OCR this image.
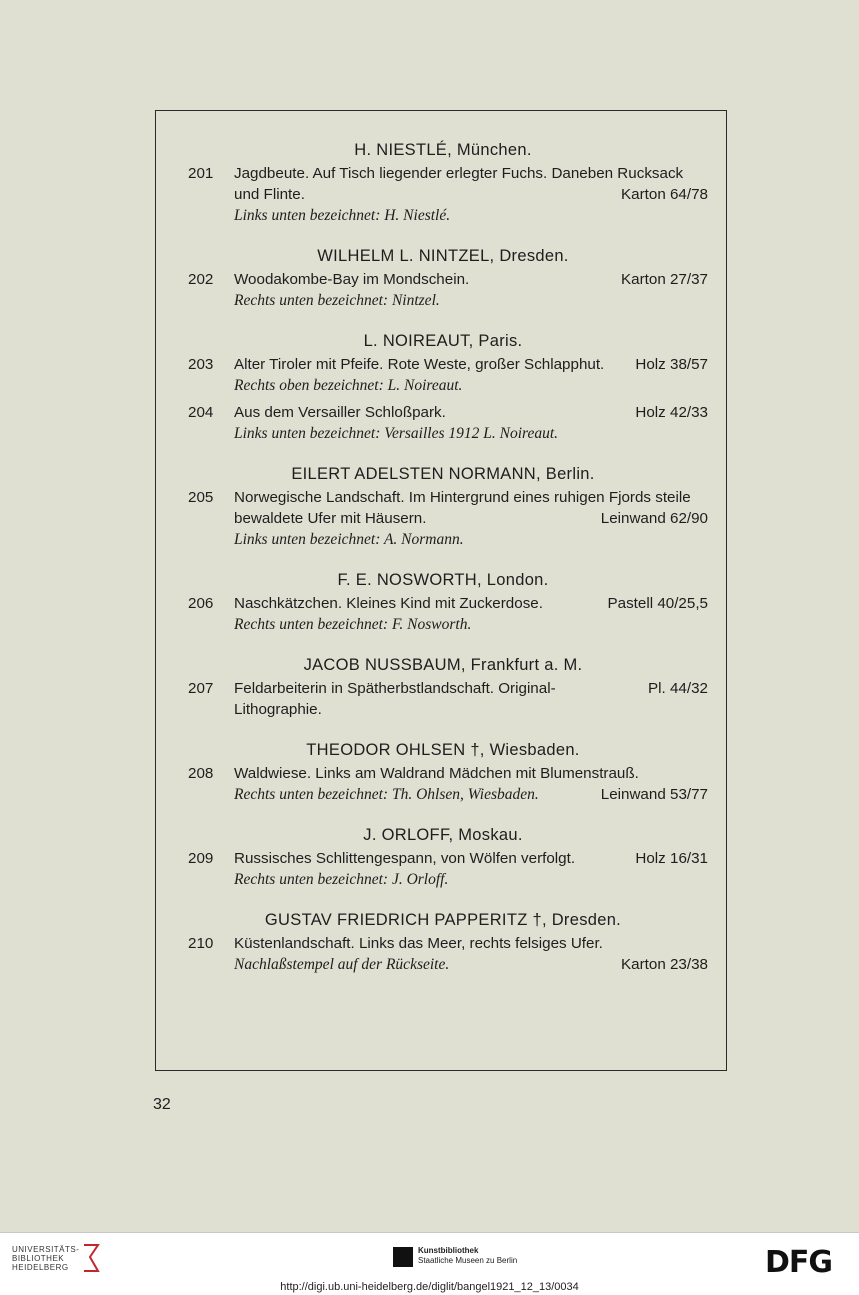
H. NIESTLÉ, München.
201	Jagdbeute. Auf Tisch liegender erlegter Fuchs. Daneben Rucksack
und Flinte.	Karton 64/78
Links unten bezeichnet: H. Niestlé.
WILHELM L. NINTZEL, Dresden.
202	Woodakombe-Bay im Mondschein.	Karton 27/37
Rechts unten bezeichnet: Nintzel.
L. NOIREAUT, Paris.
203	Alter Tiroler mit Pfeife. Rote Weste, großer Schlapphut. Holz 38/57
Rechts oben bezeichnet: L. Noireaut.
204	Aus dem Versailler Schloßpark.	Holz 42/33
Links unten bezeichnet: Versailles 1912 L. Noireaut.
EILERT ADELSTEN NORMANN, Berlin.
205	Norwegische Landschaft. Im Hintergrund eines ruhigen Fjords steile
bewaldete Ufer mit Häusern.	Leinwand 62/90
Links unten bezeichnet: A. Normann.
F. E. NOSWORTH, London.
206	Naschkätzchen. Kleines Kind mit Zuckerdose.	Pastell 40/25,5
Rechts unten bezeichnet: F. Nosworth.
JACOB NUSSBAUM, Frankfurt a. M.
207	Feldarbeiterin in Spätherbstlandschaft. Original-Lithographie.
Pl. 44/32
THEODOR OHLSEN †, Wiesbaden.
208	Waldwiese. Links am Waldrand Mädchen mit Blumenstrauß.
Rechts unten bezeichnet: Th. Ohlsen, Wiesbaden.	Leinwand 53/77
J. ORLOFF, Moskau.
209	Russisches Schlittengespann, von Wölfen verfolgt.	Holz 16/31
Rechts unten bezeichnet: J. Orloff.
GUSTAV FRIEDRICH PAPPERITZ †, Dresden.
210	Küstenlandschaft. Links das Meer, rechts felsiges Ufer.
Nachlaßstempel auf der Rückseite.	Karton 23/38
32
UNIVERSITÄTS-
BIBLIOTHEK
HEIDELBERG
Kunstbibliothek
Staatliche Museen zu Berlin	DFG
http://digi.ub.uni-heidelberg.de/diglit/bangel1921_12_13/0034
